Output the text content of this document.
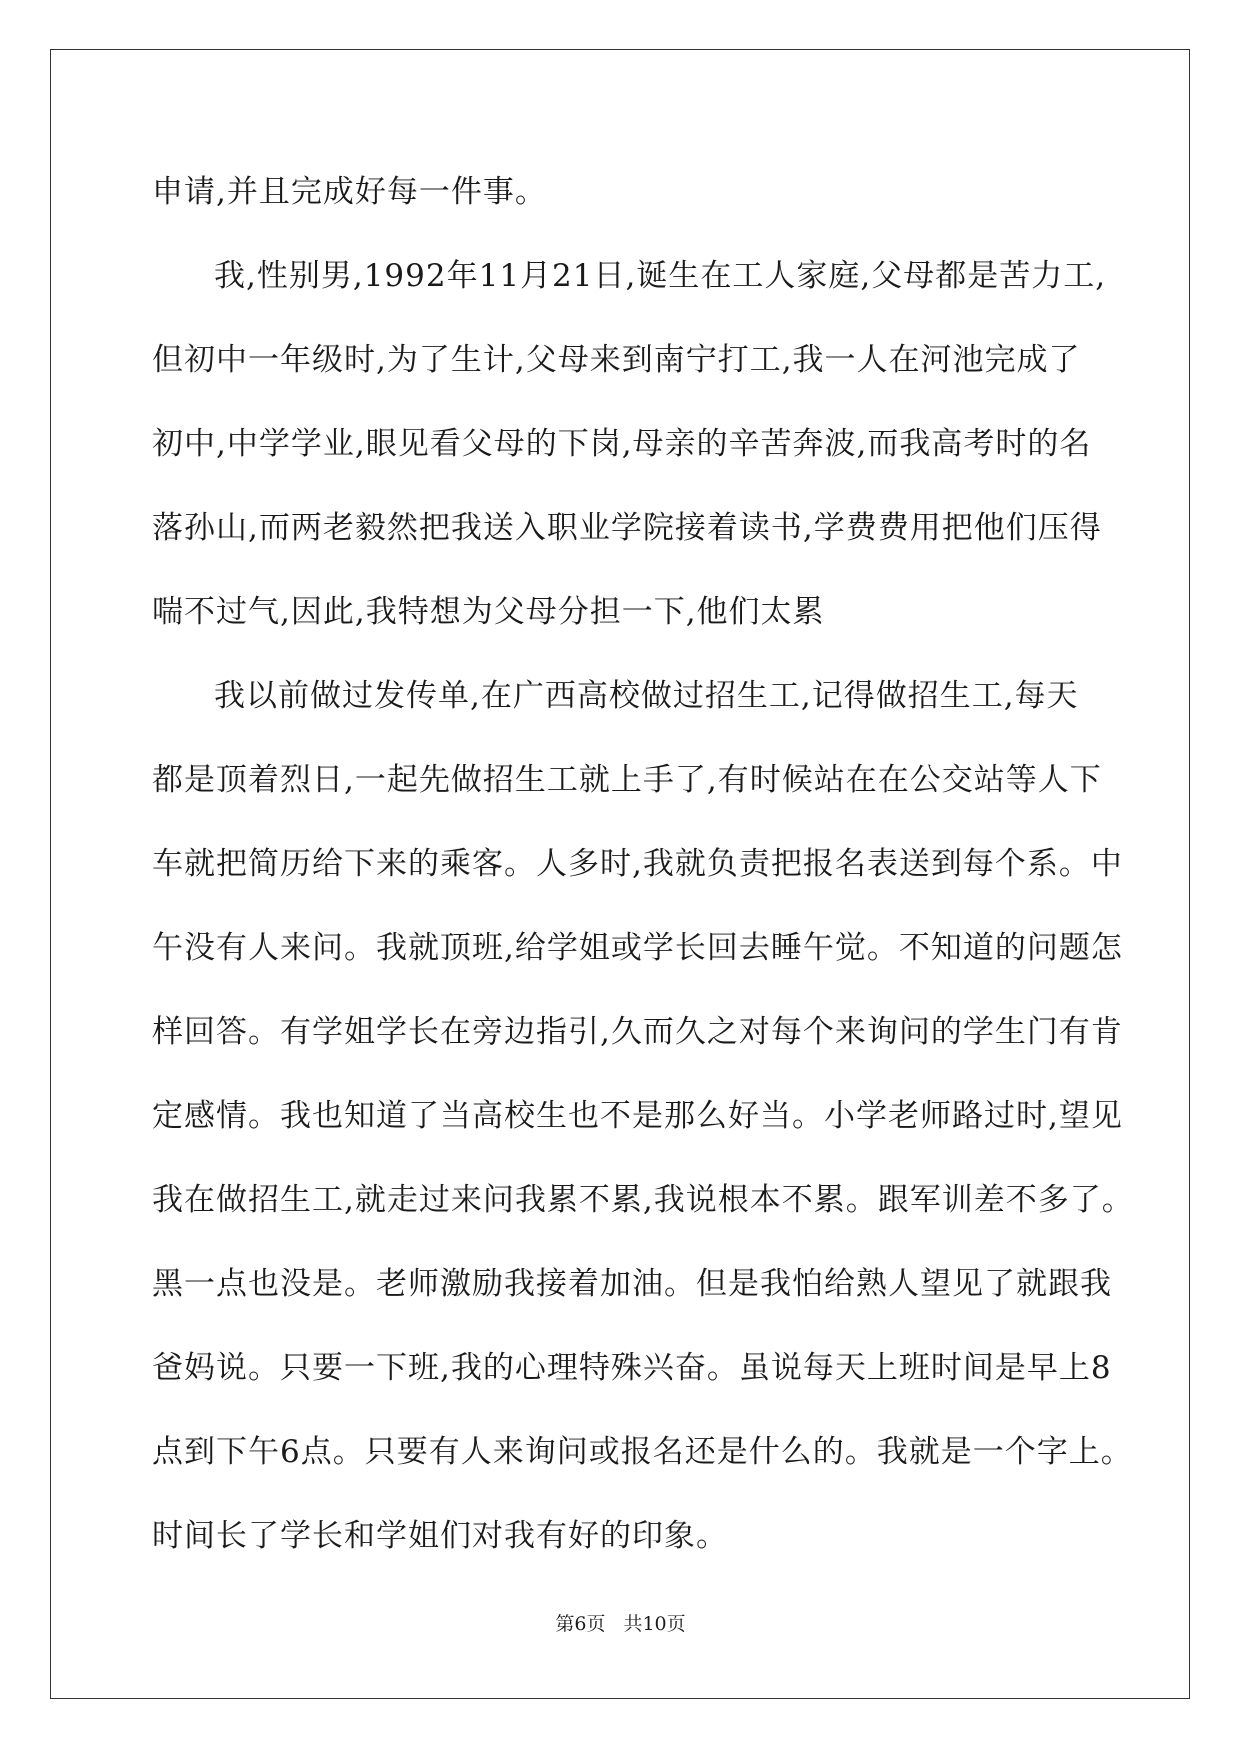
申请,并且完成好每一件事。
我,性别男,1992年11月21日,诞生在工人家庭,父母都是苦力工,
但初中一年级时,为了生计,父母来到南宁打工,我一人在河池完成了
初中,中学学业,眼见看父母的下岗,母亲的辛苦奔波,而我高考时的名
落孙山,而两老毅然把我送入职业学院接着读书,学费费用把他们压得
喘不过气,因此,我特想为父母分担一下,他们太累
我以前做过发传单,在广西高校做过招生工,记得做招生工,每天
都是顶着烈日,一起先做招生工就上手了,有时候站在在公交站等人下
车就把简历给下来的乘客。人多时,我就负责把报名表送到每个系。中
午没有人来问。我就顶班,给学姐或学长回去睡午觉。不知道的问题怎
样回答。有学姐学长在旁边指引,久而久之对每个来询问的学生门有肯
定感情。我也知道了当高校生也不是那么好当。小学老师路过时,望见
我在做招生工,就走过来问我累不累,我说根本不累。跟军训差不多了。
黑一点也没是。老师激励我接着加油。但是我怕给熟人望见了就跟我
爸妈说。只要一下班,我的心理特殊兴奋。虽说每天上班时间是早上8
点到下午6点。只要有人来询问或报名还是什么的。我就是一个字上。
时间长了学长和学姐们对我有好的印象。
第6页 共10页
